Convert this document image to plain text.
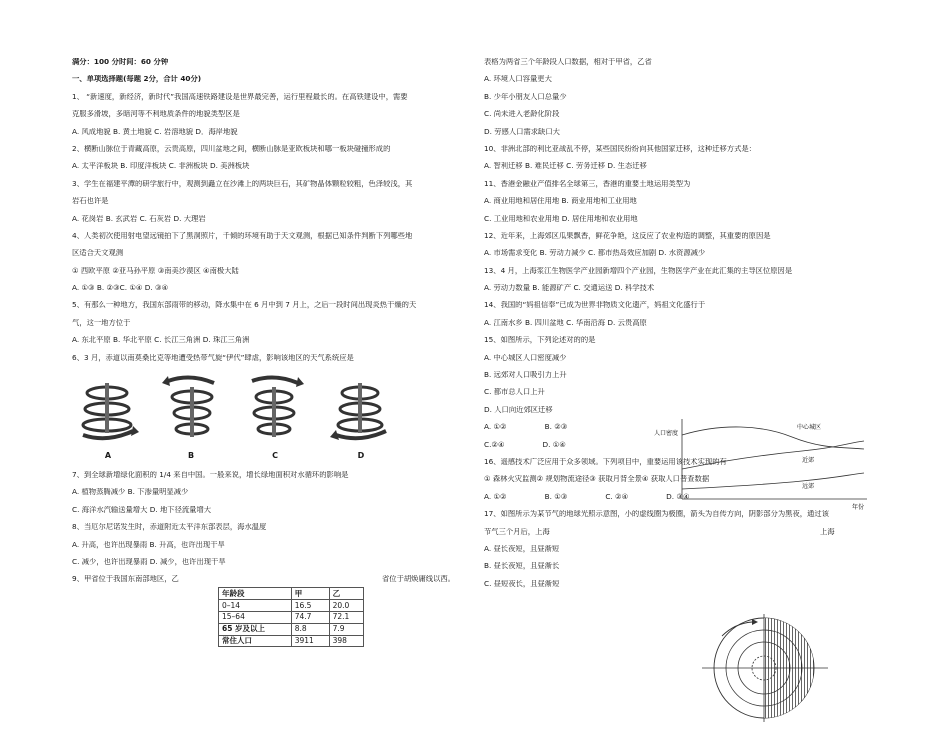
满分：100 分时间：60 分钟
一、单项选择题(每题 2分，合计 40分)
1、 “新速度，新经济，新时代”我国高速铁路建设是世界最完善，运行里程最长的。在高铁建设中，需要
克服多滑坡，多暗河等不利地质条件的地貌类型区是
A. 风成地貌 B. 黄土地貌 C. 岩溶地貌 D．海岸地貌
2、横断山脉位于青藏高原，云贵高原，四川盆地之间，横断山脉是亚欧板块和哪一板块碰撞形成的
A. 太平洋板块 B. 印度洋板块 C. 非洲板块 D. 美洲板块
3、学生在福建平潭的研学旅行中，观测到矗立在沙滩上的两块巨石，其矿物晶体颗粒较粗，色泽较浅，其
岩石也许是
A. 花岗岩 B. 玄武岩 C. 石灰岩 D. 大理岩
4、人类初次使用射电望远镜拍下了黑洞照片，千倾的环境有助于天文观测，根据已知条件判断下列哪些地
区适合天文观测
① 西欧平原 ②亚马孙平原 ③南美沙漠区 ④南极大陆
A. ①③ B. ②③C. ①④ D. ③④
5、有那么一种地方，我国东部雨带的移动，降水集中在 6 月中到 7 月上，之后一段时间出现炎热干燥的天
气，这一地方位于
A. 东北平原 B. 华北平原 C. 长江三角洲 D. 珠江三角洲
6、3 月，赤道以南莫桑比克等地遭受热带气旋“伊代”肆虐，影响该地区的天气系统应是
A	B	C	D
7、到全球新增绿化面积的 1/4 来自中国。一般来说，增长绿地面积对水循环的影响是
A. 植物蒸腾减少 B. 下渗量明显减少
C. 海洋水汽输送量增大 D. 地下径流量增大
8、当厄尔尼诺发生时，赤道附近太平洋东部表层，海水温度
A. 升高，也许出现暴雨 B. 升高，也许出现干旱
C. 减少，也许出现暴雨 D. 减少，也许出现干旱
9、甲省位于我国东南部地区，乙	省位于胡焕庸线以西。
年龄段	甲	乙
0–14	16.5	20.0
15–64	74.7	72.1
65 岁及以上	8.8	7.9
常住人口	3911	398
表格为两省三个年龄段人口数据，相对于甲省，乙省
A. 环境人口容量更大
B. 少年小朋友人口总量少
C. 尚未进入老龄化阶段
D. 劳感人口需求缺口大
10、非洲北部的利比亚战乱不停，某些国民纷纷向其他国家迁移，这种迁移方式是：
A. 智利迁移 B. 难民迁移 C. 劳务迁移 D. 生态迁移
11、香港金融业产值排名全球第三，香港的重要土地运用类型为
A. 商业用地和居住用地 B. 商业用地和工业用地
C. 工业用地和农业用地 D. 居住用地和农业用地
12、近年来，上海郊区瓜果飘香，鲜花争艳，这反应了农业构造的调整，其重要的原因是
A. 市场需求变化 B. 劳动力减少 C. 都市热岛效应加剧 D. 水资源减少
13、4 月，上海浆江生物医学产业园新增四个产业园，生物医学产业在此汇集的主导区位原因是
A. 劳动力数量 B. 能源矿产 C. 交通运送 D. 科学技术
14、我国的“妈祖信奉”已成为世界非物质文化遗产，妈祖文化盛行于
A. 江南水乡 B. 四川盆地 C. 华南沿海 D. 云贵高原
15、如图所示，下列论述对的的是
A. 中心城区人口密度减少
B. 远郊对人口吸引力上升
C. 都市总人口上升
D. 人口向近郊区迁移
A. ①②	B. ②③
C.②④	D. ①④
人口密度
年份
中心城区
近郊
远郊
16、遥感技术广泛应用于众多领域。下列项目中，重要运用该技术实现的有
① 森林火灾监测② 规划物流途径③ 获取月背全景④ 获取人口普查数据
A. ①②	B. ①③	C. ②④	D. ③④
17、如图所示为某节气的地球光照示意图，小的虚线圈为极圈，箭头为自传方向，阴影部分为黑夜，通过该
节气三个月后，上海	上海
A. 昼长夜短，且昼渐短
B. 昼长夜短，且昼渐长
C. 昼短夜长，且昼渐短
